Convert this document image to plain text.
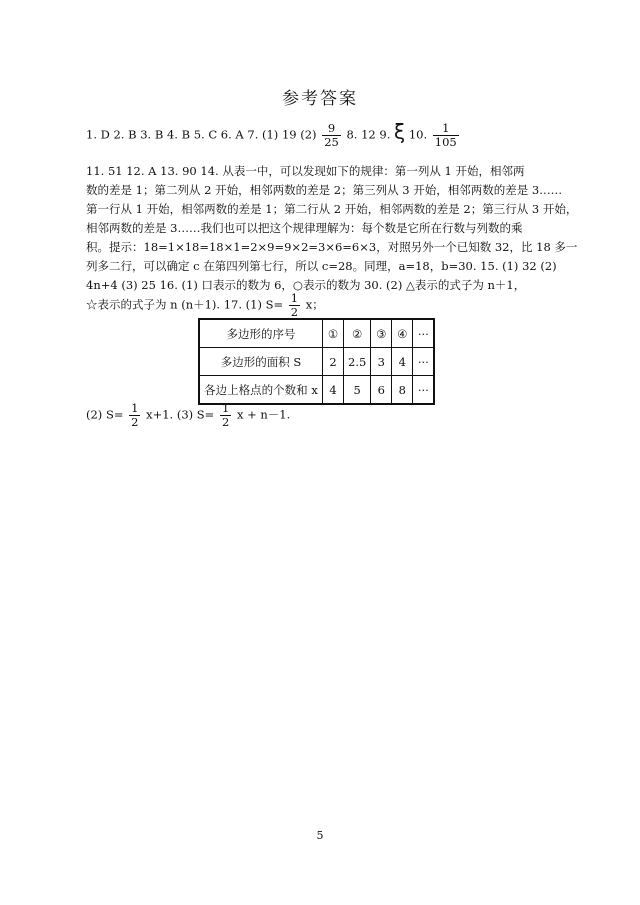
参考答案
1. D 2. B 3. B 4. B 5. C 6. A 7. (1) 19 $(2) \frac{9}{25} 8$. 12 9. ξ 10. $\frac{1}{105}$
11. 51 12. A 13. 90 14. 从表一中，可以发现如下的规律：第一列从 1 开始，相邻两
数的差是 1；第二列从 2 开始，相邻两数的差是 2；第三列从 3 开始，相邻两数的差是 3……
第一行从 1 开始，相邻两数的差是 1；第二行从 2 开始，相邻两数的差是 2；第三行从 3 开始，
相邻两数的差是 3……我们也可以把这个规律理解为：每个数是它所在行数与列数的乘
积。提示：18=1×18=18×1=2×9=9×2=3×6=6×3，对照另外一个已知数 32，比 18 多一
列多二行，可以确定 c 在第四列第七行，所以 c=28。同理，a=18，b=30. 15. (1) 32 (2)
4n+4 (3) 25 16. (1) 口表示的数为 6，○表示的数为 30. (2) △表示的式子为 n＋1，
☆表示的式子为 n (n＋1). 17. (1) $S= \frac{1}{2}$ x；
多边形的序号	①	②	③	④	···
多边形的面积 S	2	2.5	3	4	···
各边上格点的个数和 x	4	5	6	8	···
(2) $S= \frac{1}{2} x+1$. (3) $S= \frac{1}{2}$ x + n－1.
5
